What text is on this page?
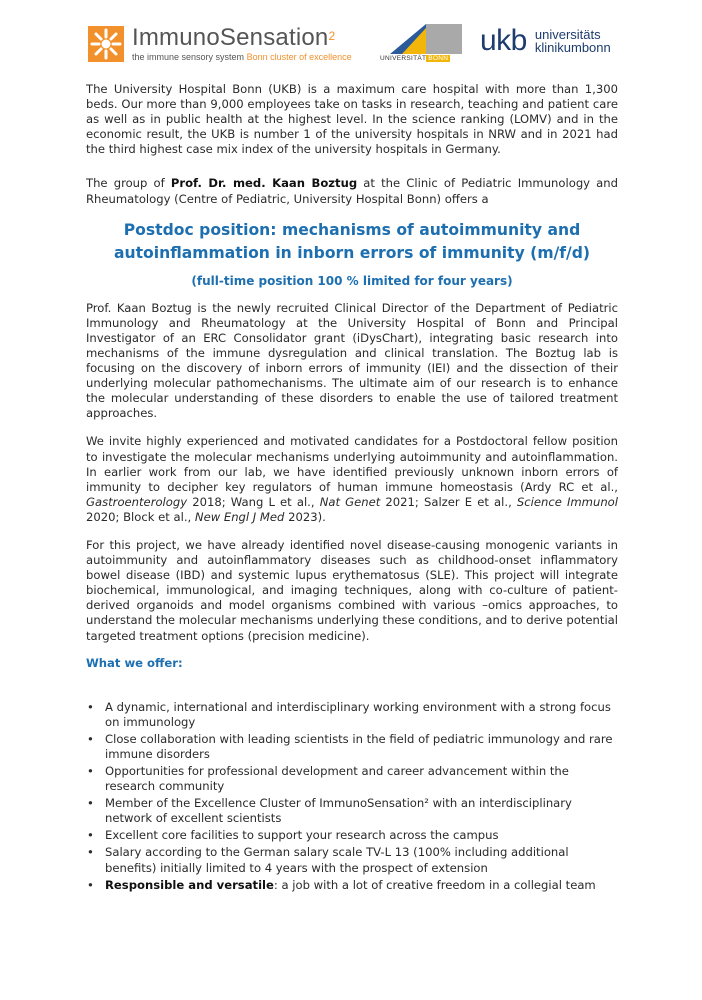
ImmunoSensation$^2$
the immune sensory system Bonn cluster of excellence	UNIVERSITÄT BONN
ukb universitäts
klinikumbonn

The University Hospital Bonn (UKB) is a maximum care hospital with more than 1,300 beds. Our more than 9,000 employees take on tasks in research, teaching and patient care as well as in public health at the highest level. In the science ranking (LOMV) and in the economic result, the UKB is number 1 of the university hospitals in NRW and in 2021 had the third highest case mix index of the university hospitals in Germany.

The group of Prof. Dr. med. Kaan Boztug at the Clinic of Pediatric Immunology and Rheumatology (Centre of Pediatric, University Hospital Bonn) offers a

Postdoc position: mechanisms of autoimmunity and
autoinflammation in inborn errors of immunity (m/f/d)
(full-time position 100 % limited for four years)

Prof. Kaan Boztug is the newly recruited Clinical Director of the Department of Pediatric Immunology and Rheumatology at the University Hospital of Bonn and Principal Investigator of an ERC Consolidator grant (iDysChart), integrating basic research into mechanisms of the immune dysregulation and clinical translation. The Boztug lab is focusing on the discovery of inborn errors of immunity (IEI) and the dissection of their underlying molecular pathomechanisms. The ultimate aim of our research is to enhance the molecular understanding of these disorders to enable the use of tailored treatment approaches.

We invite highly experienced and motivated candidates for a Postdoctoral fellow position to investigate the molecular mechanisms underlying autoimmunity and autoinflammation. In earlier work from our lab, we have identified previously unknown inborn errors of immunity to decipher key regulators of human immune homeostasis (Ardy RC et al., Gastroenterology 2018; Wang L et al., Nat Genet 2021; Salzer E et al., Science Immunol 2020; Block et al., New Engl J Med 2023).

For this project, we have already identified novel disease-causing monogenic variants in autoimmunity and autoinflammatory diseases such as childhood-onset inflammatory bowel disease (IBD) and systemic lupus erythematosus (SLE). This project will integrate biochemical, immunological, and imaging techniques, along with co-culture of patient-derived organoids and model organisms combined with various –omics approaches, to understand the molecular mechanisms underlying these conditions, and to derive potential targeted treatment options (precision medicine).

What we offer:
• A dynamic, international and interdisciplinary working environment with a strong focus on immunology
• Close collaboration with leading scientists in the field of pediatric immunology and rare immune disorders
• Opportunities for professional development and career advancement within the research community
• Member of the Excellence Cluster of ImmunoSensation² with an interdisciplinary network of excellent scientists
• Excellent core facilities to support your research across the campus
• Salary according to the German salary scale TV-L 13 (100% including additional benefits) initially limited to 4 years with the prospect of extension
• Responsible and versatile: a job with a lot of creative freedom in a collegial team
